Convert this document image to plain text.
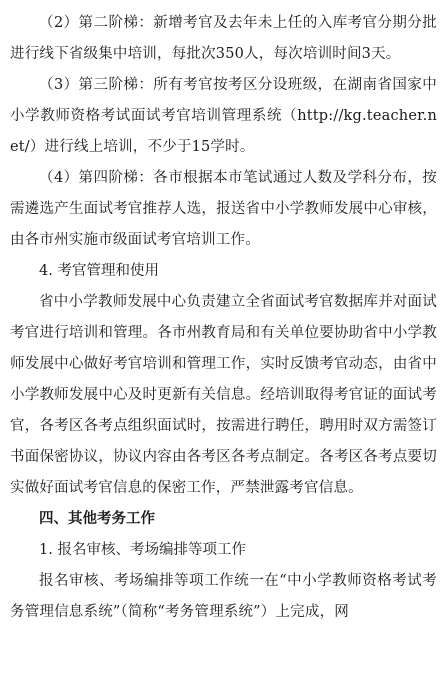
（2）第二阶梯：新增考官及去年未上任的入库考官分期分批进行线下省级集中培训，每批次350人，每次培训时间3天。

（3）第三阶梯：所有考官按考区分设班级，在湖南省国家中小学教师资格考试面试考官培训管理系统（http://kg.teacher.net/）进行线上培训，不少于15学时。

（4）第四阶梯：各市根据本市笔试通过人数及学科分布，按需遴选产生面试考官推荐人选，报送省中小学教师发展中心审核，由各市州实施市级面试考官培训工作。

4. 考官管理和使用

省中小学教师发展中心负责建立全省面试考官数据库并对面试考官进行培训和管理。各市州教育局和有关单位要协助省中小学教师发展中心做好考官培训和管理工作，实时反馈考官动态，由省中小学教师发展中心及时更新有关信息。经培训取得考官证的面试考官，各考区各考点组织面试时，按需进行聘任，聘用时双方需签订书面保密协议，协议内容由各考区各考点制定。各考区各考点要切实做好面试考官信息的保密工作，严禁泄露考官信息。

四、其他考务工作

1. 报名审核、考场编排等项工作

报名审核、考场编排等项工作统一在“中小学教师资格考试考务管理信息系统”（简称“考务管理系统”）上完成，网
